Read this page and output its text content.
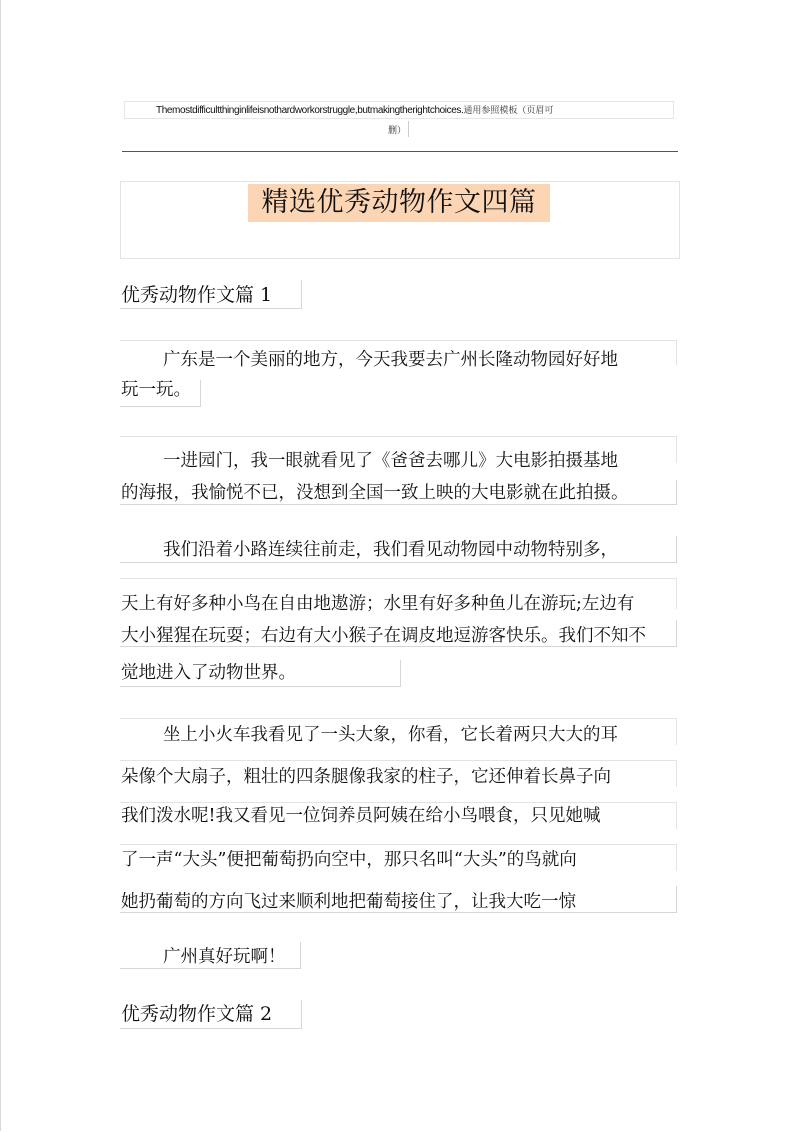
Themostdifficultthinginlifeisnothardworkorstruggle,butmakingtherightchoices.通用参照模板（页眉可
删）
精选优秀动物作文四篇
优秀动物作文篇 1
广东是一个美丽的地方，今天我要去广州长隆动物园好好地
玩一玩。
一进园门，我一眼就看见了《爸爸去哪儿》大电影拍摄基地
的海报，我愉悦不已，没想到全国一致上映的大电影就在此拍摄。
我们沿着小路连续往前走，我们看见动物园中动物特别多，
天上有好多种小鸟在自由地遨游；水里有好多种鱼儿在游玩;左边有
大小猩猩在玩耍；右边有大小猴子在调皮地逗游客快乐。我们不知不
觉地进入了动物世界。
坐上小火车我看见了一头大象，你看，它长着两只大大的耳
朵像个大扇子，粗壮的四条腿像我家的柱子，它还伸着长鼻子向
我们泼水呢!我又看见一位饲养员阿姨在给小鸟喂食，只见她喊
了一声“大头”便把葡萄扔向空中，那只名叫“大头”的鸟就向
她扔葡萄的方向飞过来顺利地把葡萄接住了，让我大吃一惊
广州真好玩啊！
优秀动物作文篇 2
